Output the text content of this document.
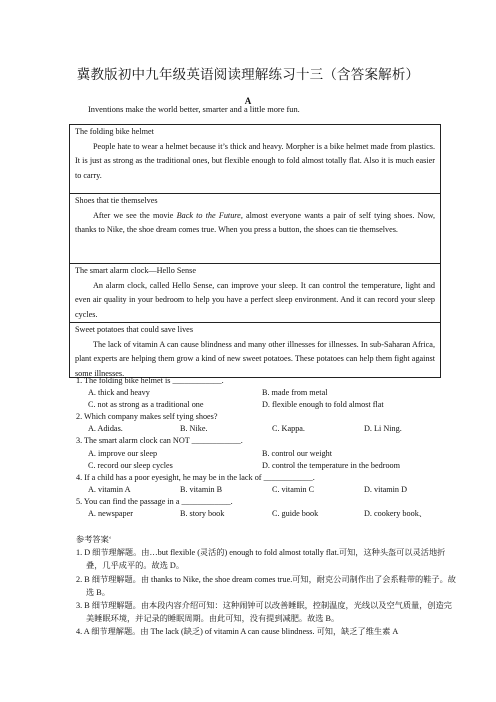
冀教版初中九年级英语阅读理解练习十三（含答案解析）
A
Inventions make the world better, smarter and a little more fun.
The folding bike helmet
People hate to wear a helmet because it’s thick and heavy. Morpher is a bike helmet made from plastics. It is just as strong as the traditional ones, but flexible enough to fold almost totally flat. Also it is much easier to carry.
Shoes that tie themselves
After we see the movie Back to the Future, almost everyone wants a pair of self tying shoes. Now, thanks to Nike, the shoe dream comes true. When you press a button, the shoes can tie themselves.
The smart alarm clock—Hello Sense
An alarm clock, called Hello Sense, can improve your sleep. It can control the temperature, light and even air quality in your bedroom to help you have a perfect sleep environment. And it can record your sleep cycles.
Sweet potatoes that could save lives
The lack of vitamin A can cause blindness and many other illnesses for illnesses. In sub-Saharan Africa, plant experts are helping them grow a kind of new sweet potatoes. These potatoes can help them fight against some illnesses.
1. The folding bike helmet is ____________.
A. thick and heavy	B. made from metal
C. not as strong as a traditional one	D. flexible enough to fold almost flat
2. Which company makes self tying shoes?
A. Adidas.	B. Nike.	C. Kappa.	D. Li Ning.
3. The smart alarm clock can NOT ____________.
A. improve our sleep	B. control our weight
C. record our sleep cycles	D. control the temperature in the bedroom
4. If a child has a poor eyesight, he may be in the lack of ____________.
A. vitamin A	B. vitamin B	C. vitamin C	D. vitamin D
5. You can find the passage in a ____________.
A. newspaper	B. story book	C. guide book	D. cookery book、
参考答案‘
1. D 细节理解题。由…but flexible (灵活的) enough to fold almost totally flat.可知，这种头盔可以灵活地折叠，几乎成平的。故选 D。
2. B 细节理解题。由 thanks to Nike, the shoe dream comes true.可知，耐克公司制作出了会系鞋带的鞋子。故选 B。
3. B 细节理解题。由本段内容介绍可知：这种闹钟可以改善睡眠，控制温度，光线以及空气质量，创造完美睡眠环境，并记录的睡眠周期。由此可知，没有提到减肥。故选 B。
4. A 细节理解题。由 The lack (缺乏) of vitamin A can cause blindness. 可知，缺乏了维生素 A
